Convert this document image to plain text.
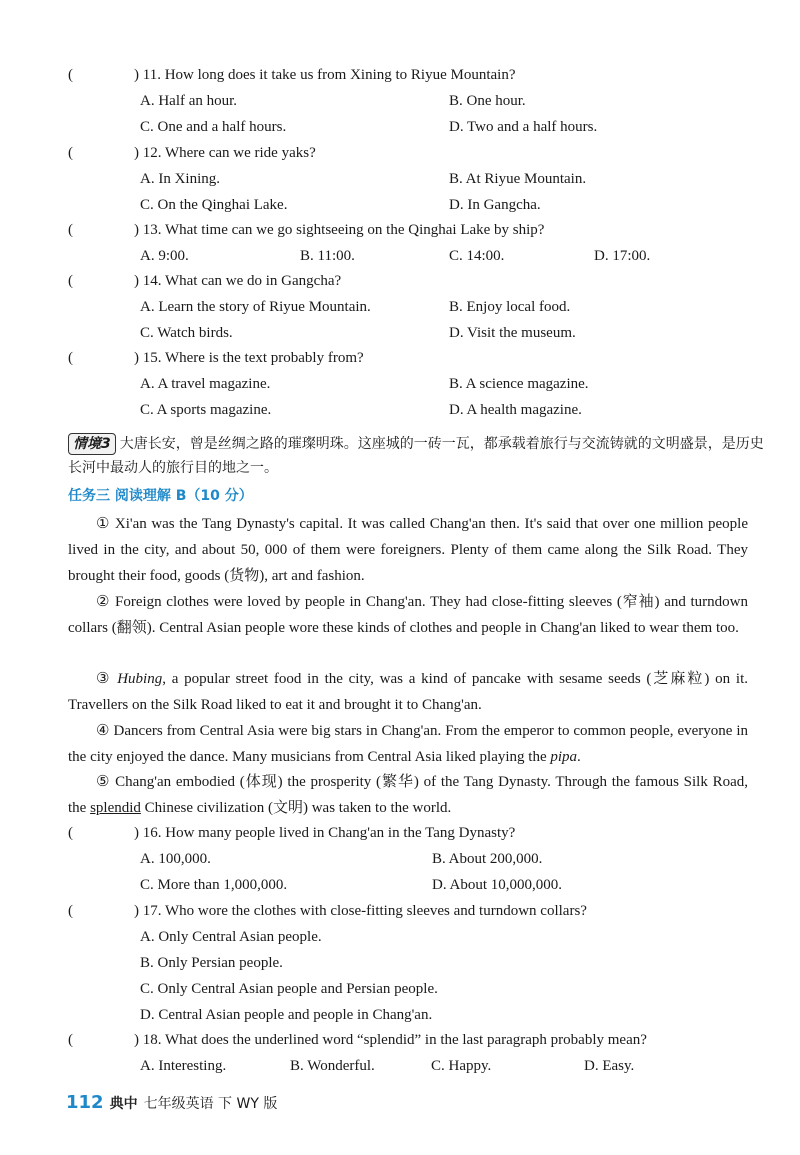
(	) 11. How long does it take us from Xining to Riyue Mountain?
A. Half an hour.	B. One hour.
C. One and a half hours.	D. Two and a half hours.
(	) 12. Where can we ride yaks?
A. In Xining.	B. At Riyue Mountain.
C. On the Qinghai Lake.	D. In Gangcha.
(	) 13. What time can we go sightseeing on the Qinghai Lake by ship?
A. 9:00.	B. 11:00.	C. 14:00.	D. 17:00.
(	) 14. What can we do in Gangcha?
A. Learn the story of Riyue Mountain.	B. Enjoy local food.
C. Watch birds.	D. Visit the museum.
(	) 15. Where is the text probably from?
A. A travel magazine.	B. A science magazine.
C. A sports magazine.	D. A health magazine.
情境3 大唐长安，曾是丝绸之路的璀璨明珠。这座城的一砖一瓦，都承载着旅行与交流铸就的文明盛景，是历史长河中最动人的旅行目的地之一。
任务三 阅读理解 B（10 分）
① Xi'an was the Tang Dynasty's capital. It was called Chang'an then. It's said that over one million people lived in the city, and about 50, 000 of them were foreigners. Plenty of them came along the Silk Road. They brought their food, goods (货物), art and fashion.
② Foreign clothes were loved by people in Chang'an. They had close-fitting sleeves (窄袖) and turndown collars (翻领). Central Asian people wore these kinds of clothes and people in Chang'an liked to wear them too.
③ Hubing, a popular street food in the city, was a kind of pancake with sesame seeds (芝麻粒) on it. Travellers on the Silk Road liked to eat it and brought it to Chang'an.
④ Dancers from Central Asia were big stars in Chang'an. From the emperor to common people, everyone in the city enjoyed the dance. Many musicians from Central Asia liked playing the pipa.
⑤ Chang'an embodied (体现) the prosperity (繁华) of the Tang Dynasty. Through the famous Silk Road, the splendid Chinese civilization (文明) was taken to the world.
(	) 16. How many people lived in Chang'an in the Tang Dynasty?
A. 100,000.	B. About 200,000.
C. More than 1,000,000.	D. About 10,000,000.
(	) 17. Who wore the clothes with close-fitting sleeves and turndown collars?
A. Only Central Asian people.
B. Only Persian people.
C. Only Central Asian people and Persian people.
D. Central Asian people and people in Chang'an.
(	) 18. What does the underlined word “splendid” in the last paragraph probably mean?
A. Interesting.	B. Wonderful.	C. Happy.	D. Easy.
112 典中 七年级英语 下 WY 版
